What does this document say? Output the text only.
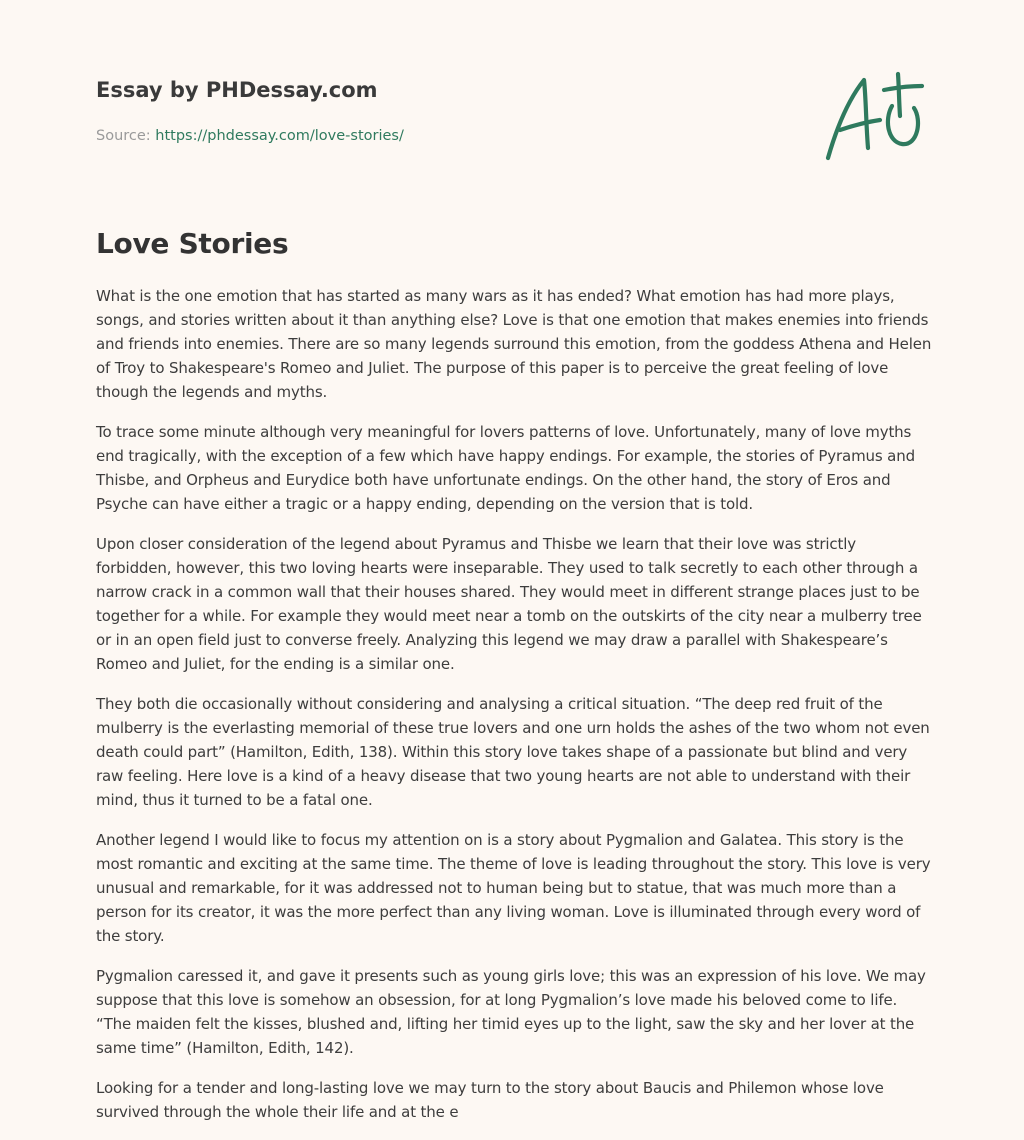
Essay by PHDessay.com
Source: https://phdessay.com/love-stories/
Love Stories

What is the one emotion that has started as many wars as it has ended? What emotion has had more plays, songs, and stories written about it than anything else? Love is that one emotion that makes enemies into friends and friends into enemies. There are so many legends surround this emotion, from the goddess Athena and Helen of Troy to Shakespeare's Romeo and Juliet. The purpose of this paper is to perceive the great feeling of love though the legends and myths.

To trace some minute although very meaningful for lovers patterns of love. Unfortunately, many of love myths end tragically, with the exception of a few which have happy endings. For example, the stories of Pyramus and Thisbe, and Orpheus and Eurydice both have unfortunate endings. On the other hand, the story of Eros and Psyche can have either a tragic or a happy ending, depending on the version that is told.

Upon closer consideration of the legend about Pyramus and Thisbe we learn that their love was strictly forbidden, however, this two loving hearts were inseparable. They used to talk secretly to each other through a narrow crack in a common wall that their houses shared. They would meet in different strange places just to be together for a while. For example they would meet near a tomb on the outskirts of the city near a mulberry tree or in an open field just to converse freely. Analyzing this legend we may draw a parallel with Shakespeare’s Romeo and Juliet, for the ending is a similar one.

They both die occasionally without considering and analysing a critical situation. “The deep red fruit of the mulberry is the everlasting memorial of these true lovers and one urn holds the ashes of the two whom not even death could part” (Hamilton, Edith, 138). Within this story love takes shape of a passionate but blind and very raw feeling. Here love is a kind of a heavy disease that two young hearts are not able to understand with their mind, thus it turned to be a fatal one.

Another legend I would like to focus my attention on is a story about Pygmalion and Galatea. This story is the most romantic and exciting at the same time. The theme of love is leading throughout the story. This love is very unusual and remarkable, for it was addressed not to human being but to statue, that was much more than a person for its creator, it was the more perfect than any living woman. Love is illuminated through every word of the story.

Pygmalion caressed it, and gave it presents such as young girls love; this was an expression of his love. We may suppose that this love is somehow an obsession, for at long Pygmalion’s love made his beloved come to life. “The maiden felt the kisses, blushed and, lifting her timid eyes up to the light, saw the sky and her lover at the same time” (Hamilton, Edith, 142).

Looking for a tender and long-lasting love we may turn to the story about Baucis and Philemon whose love survived through the whole their life and at the e
